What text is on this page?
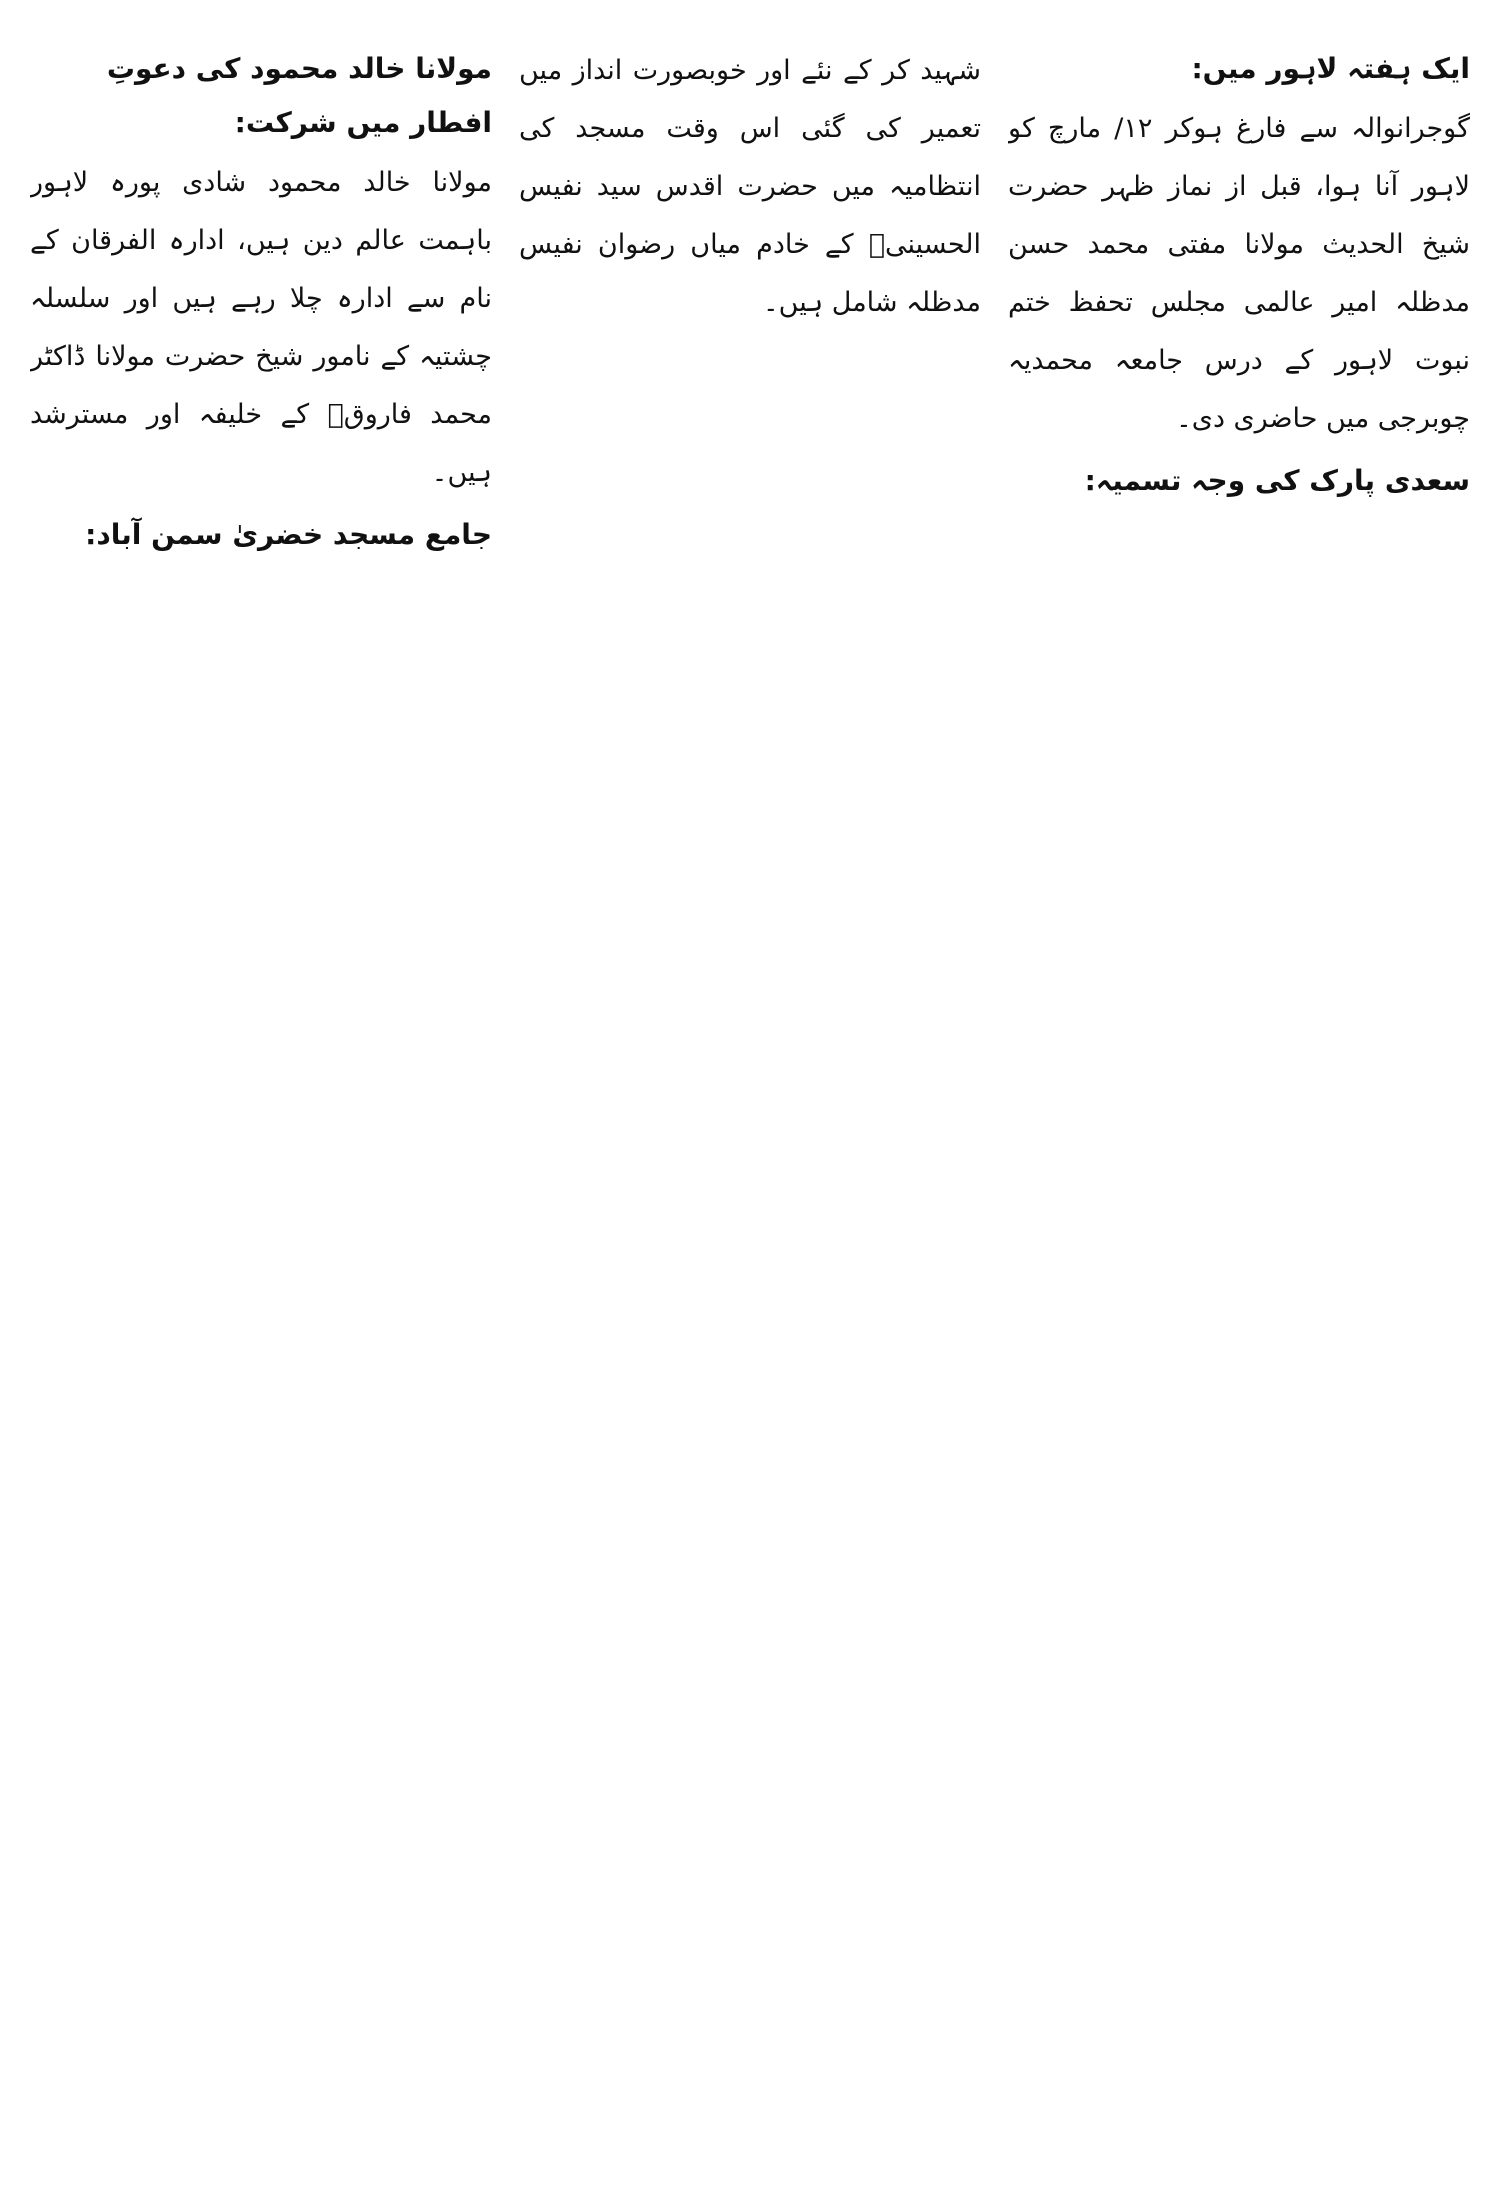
ایک ہفتہ لاہور میں:

گوجرانوالہ سے فارغ ہوکر ۱۲/ مارچ کو لاہور آنا ہوا، قبل از نماز ظہر حضرت شیخ الحدیث مولانا مفتی محمد حسن مدظلہ امیر عالمی مجلس تحفظ ختم نبوت لاہور کے درس جامعہ محمدیہ چوبرجی میں حاضری دی۔

سعدی پارک کی وجہ تسمیہ:

شہید کر کے نئے اور خوبصورت انداز میں تعمیر کی گئی اس وقت مسجد کی انتظامیہ میں حضرت اقدس سید نفیس الحسینیؒ کے خادم میاں رضوان نفیس مدظلہ شامل ہیں۔

مولانا خالد محمود کی دعوتِ افطار میں شرکت:

مولانا خالد محمود شادی پورہ لاہور باہمت عالم دین ہیں، ادارہ الفرقان کے نام سے ادارہ چلا رہے ہیں اور سلسلہ چشتیہ کے نامور شیخ حضرت مولانا ڈاکٹر محمد فاروقؒ کے خلیفہ اور مسترشد ہیں۔

جامع مسجد خضریٰ سمن آباد:
